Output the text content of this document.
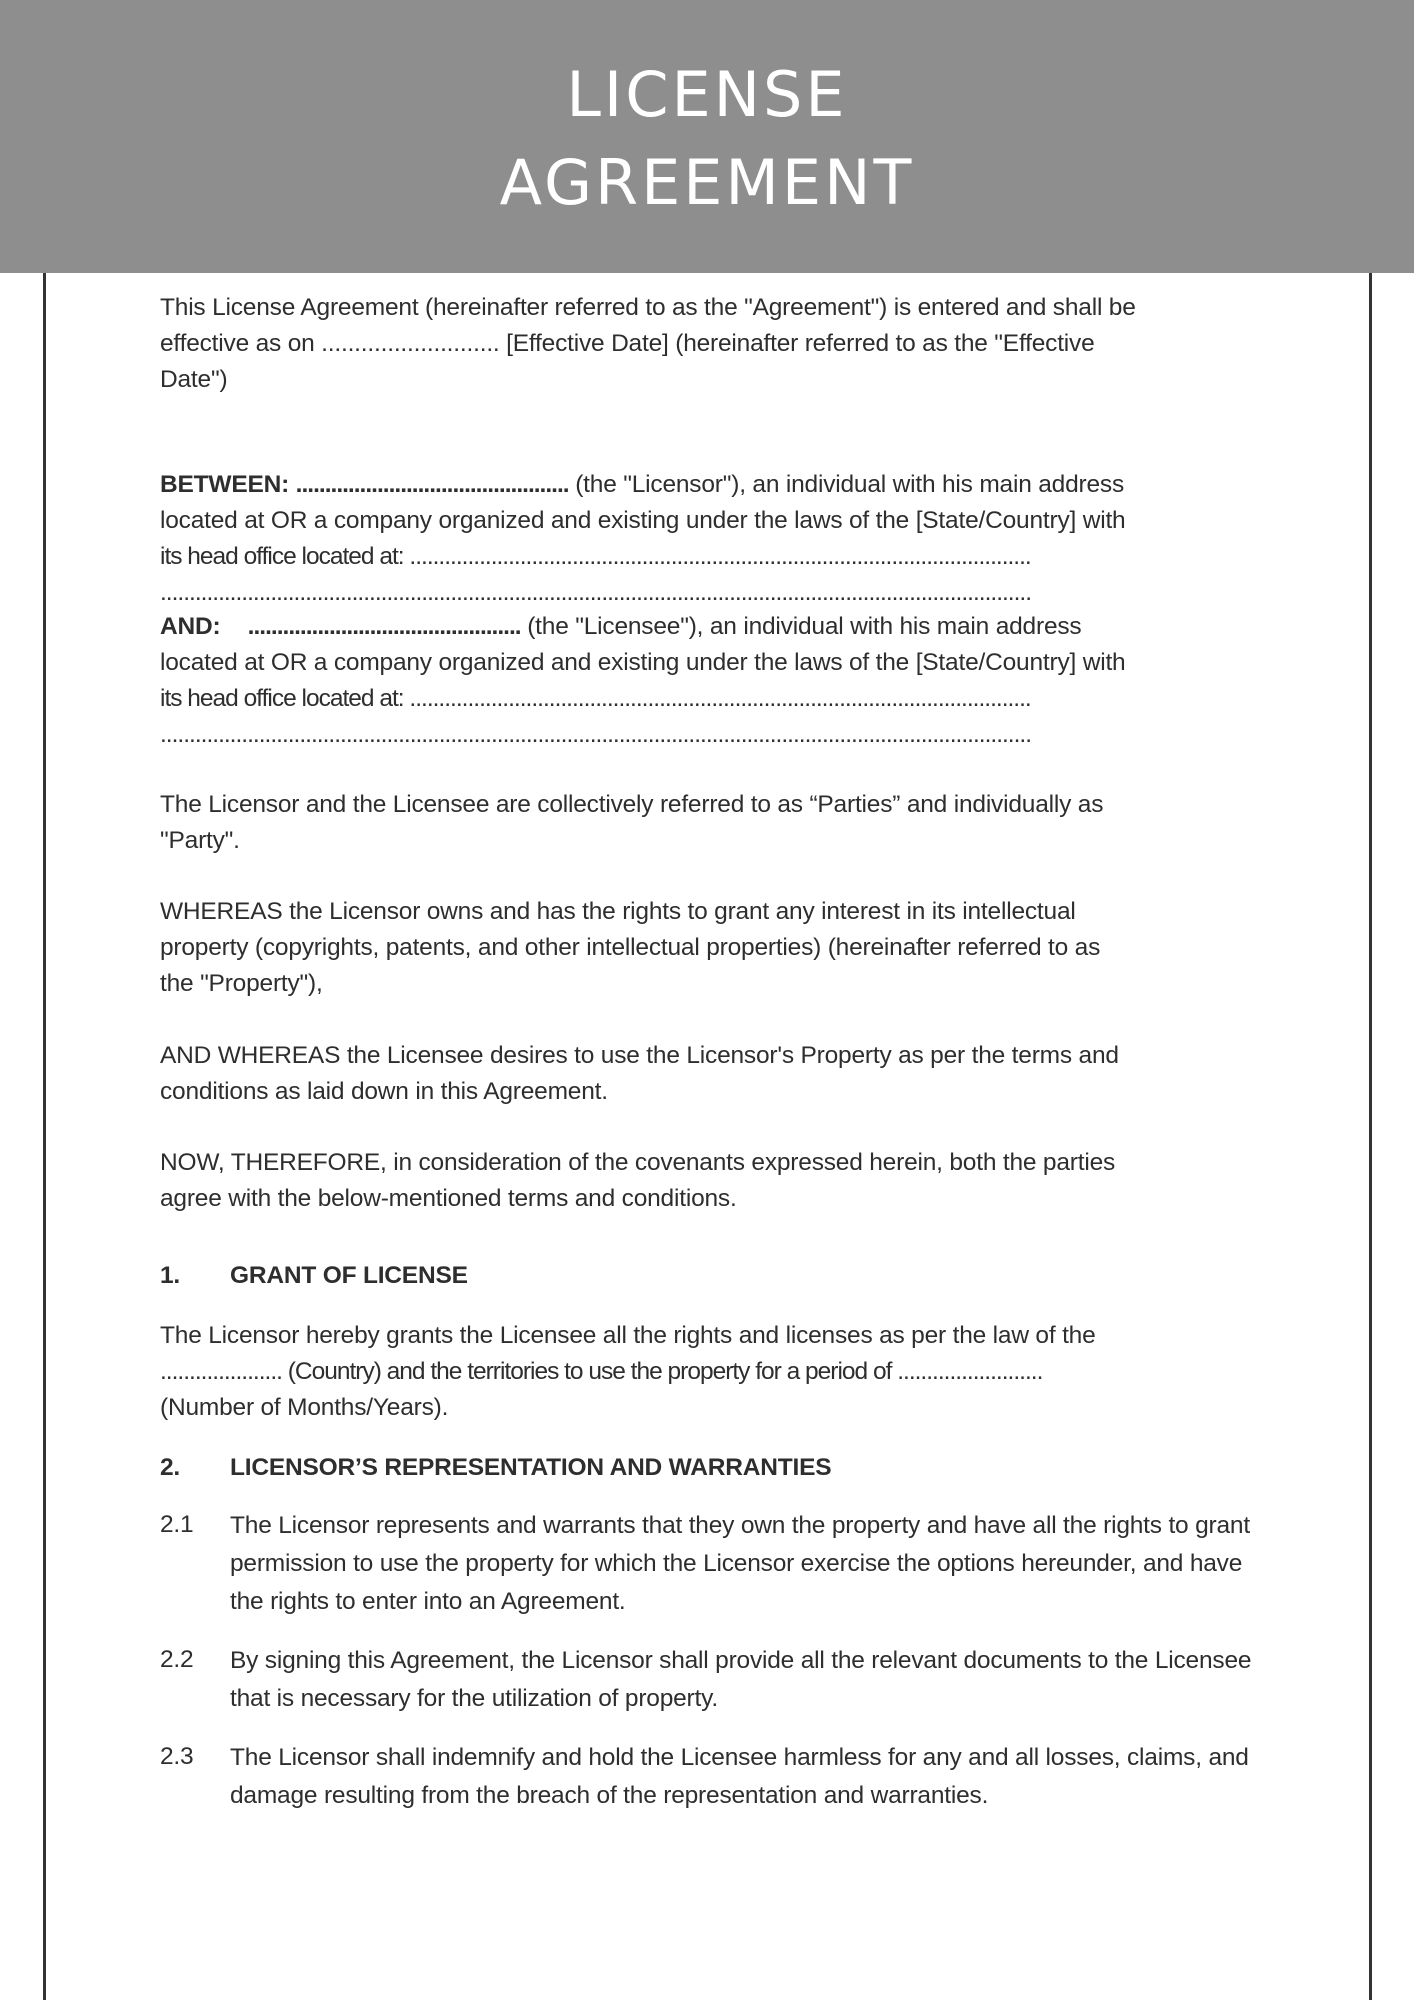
LICENSE
AGREEMENT
This License Agreement (hereinafter referred to as the "Agreement") is entered and shall be
effective as on ........................... [Effective Date] (hereinafter referred to as the "Effective
Date")
BETWEEN: ............................................... (the "Licensor"), an individual with his main address
located at OR a company organized and existing under the laws of the [State/Country] with
its head office located at: ...........................................................................................................
......................................................................................................................................................
AND: ............................................... (the "Licensee"), an individual with his main address
located at OR a company organized and existing under the laws of the [State/Country] with
its head office located at: ...........................................................................................................
......................................................................................................................................................
The Licensor and the Licensee are collectively referred to as “Parties” and individually as
"Party".
WHEREAS the Licensor owns and has the rights to grant any interest in its intellectual
property (copyrights, patents, and other intellectual properties) (hereinafter referred to as
the "Property"),
AND WHEREAS the Licensee desires to use the Licensor's Property as per the terms and
conditions as laid down in this Agreement.
NOW, THEREFORE, in consideration of the covenants expressed herein, both the parties
agree with the below-mentioned terms and conditions.
1.	GRANT OF LICENSE
The Licensor hereby grants the Licensee all the rights and licenses as per the law of the
..................... (Country) and the territories to use the property for a period of .........................
(Number of Months/Years).
2.	LICENSOR’S REPRESENTATION AND WARRANTIES
2.1	The Licensor represents and warrants that they own the property and have all the rights to grant permission to use the property for which the Licensor exercise the options hereunder, and have the rights to enter into an Agreement.
2.2	By signing this Agreement, the Licensor shall provide all the relevant documents to the Licensee that is necessary for the utilization of property.
2.3	The Licensor shall indemnify and hold the Licensee harmless for any and all losses, claims, and damage resulting from the breach of the representation and warranties.
